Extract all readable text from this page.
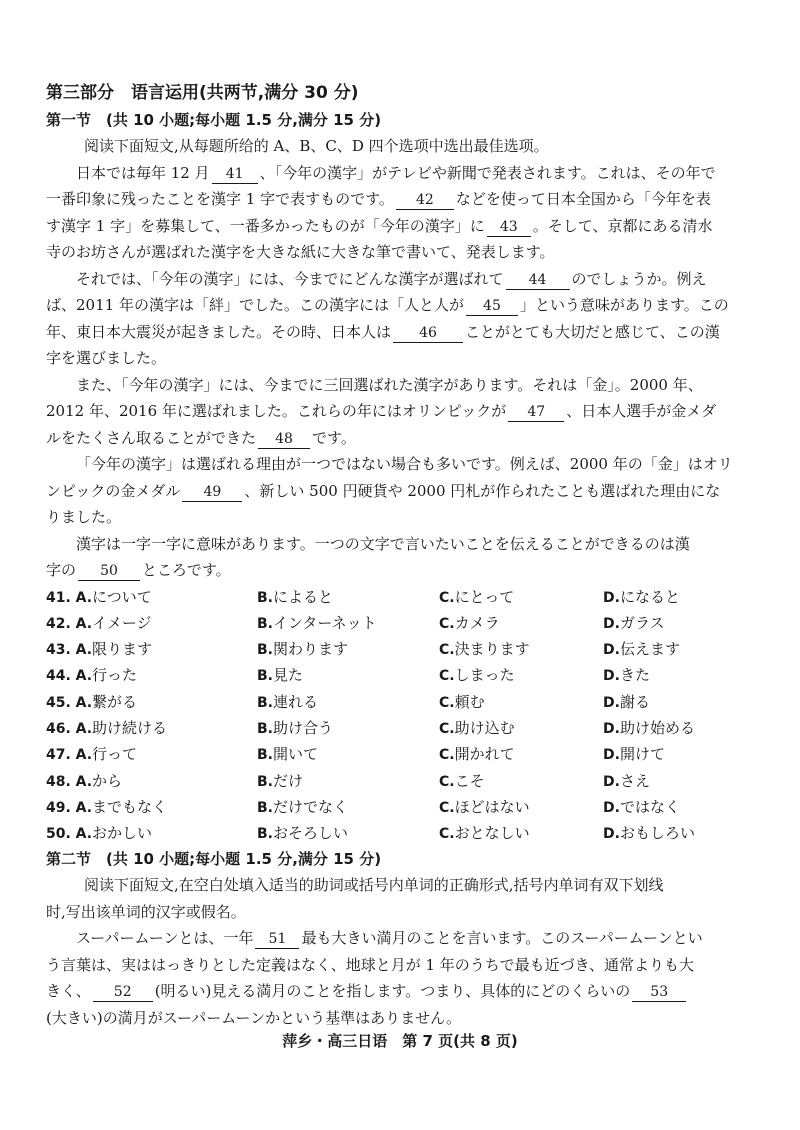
第三部分　语言运用(共两节,满分 30 分)
第一节　(共 10 小题;每小题 1.5 分,满分 15 分)
阅读下面短文,从每题所给的 A、B、C、D 四个选项中选出最佳选项。
日本では毎年 12 月 41 、「今年の漢字」がテレビや新聞で発表されます。これは、その年で
一番印象に残ったことを漢字 1 字で表すものです。 42 などを使って日本全国から「今年を表
す漢字 1 字」を募集して、一番多かったものが「今年の漢字」に 43 。そして、京都にある清水
寺のお坊さんが選ばれた漢字を大きな紙に大きな筆で書いて、発表します。
それでは、「今年の漢字」には、今までにどんな漢字が選ばれて 44 のでしょうか。例え
ば、2011 年の漢字は「絆」でした。この漢字には「人と人が 45 」という意味があります。この
年、東日本大震災が起きました。その時、日本人は 46 ことがとても大切だと感じて、この漢
字を選びました。
また、「今年の漢字」には、今までに三回選ばれた漢字があります。それは「金」。2000 年、
2012 年、2016 年に選ばれました。これらの年にはオリンピックが 47 、日本人選手が金メダ
ルをたくさん取ることができた 48 です。
「今年の漢字」は選ばれる理由が一つではない場合も多いです。例えば、2000 年の「金」はオリ
ンピックの金メダル 49 、新しい 500 円硬貨や 2000 円札が作られたことも選ばれた理由にな
りました。
漢字は一字一字に意味があります。一つの文字で言いたいことを伝えることができるのは漢
字の 50 ところです。
41. A.について	B.によると	C.にとって	D.になると
42. A.イメージ	B.インターネット	C.カメラ	D.ガラス
43. A.限ります	B.関わります	C.決まります	D.伝えます
44. A.行った	B.見た	C.しまった	D.きた
45. A.繋がる	B.連れる	C.頼む	D.謝る
46. A.助け続ける	B.助け合う	C.助け込む	D.助け始める
47. A.行って	B.開いて	C.開かれて	D.開けて
48. A.から	B.だけ	C.こそ	D.さえ
49. A.までもなく	B.だけでなく	C.ほどはない	D.ではなく
50. A.おかしい	B.おそろしい	C.おとなしい	D.おもしろい
第二节　(共 10 小题;每小题 1.5 分,满分 15 分)
阅读下面短文,在空白处填入适当的助词或括号内单词的正确形式,括号内单词有双下划线
时,写出该单词的汉字或假名。
スーパームーンとは、一年 51 最も大きい満月のことを言います。このスーパームーンとい
う言葉は、実ははっきりとした定義はなく、地球と月が 1 年のうちで最も近づき、通常よりも大
きく、 52 (明るい)見える満月のことを指します。つまり、具体的にどのくらいの 53
(大きい)の満月がスーパームーンかという基準はありません。
萍乡・高三日语　第 7 页(共 8 页)
